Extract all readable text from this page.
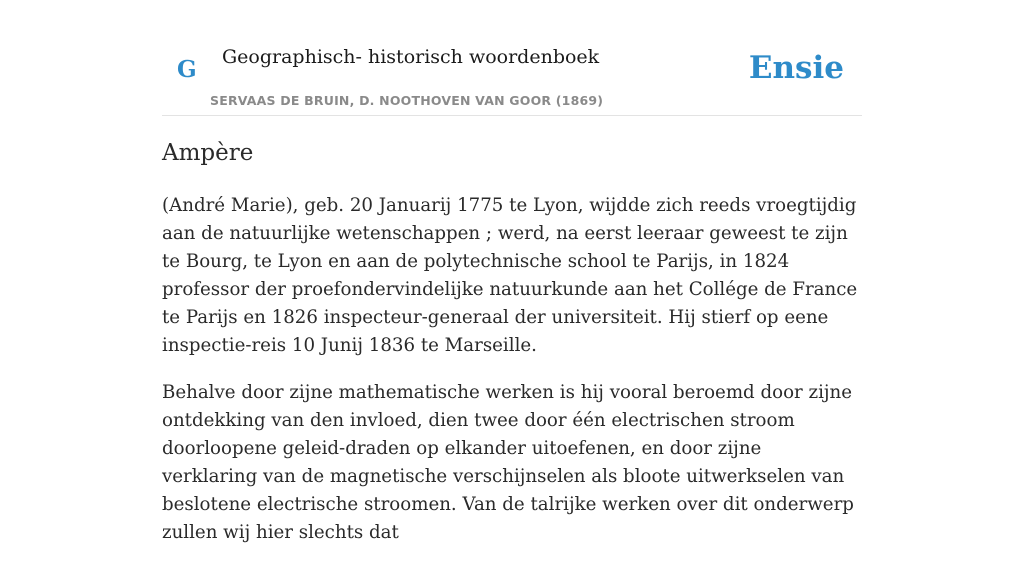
G Geographisch- historisch woordenboek
SERVAAS DE BRUIN, D. NOOTHOVEN VAN GOOR (1869)
Ensie
Ampère

(André Marie), geb. 20 Januarij 1775 te Lyon, wijdde zich reeds vroegtijdig aan de natuurlijke wetenschappen ; werd, na eerst leeraar geweest te zijn te Bourg, te Lyon en aan de polytechnische school te Parijs, in 1824 professor der proefondervindelijke natuurkunde aan het Collége de France te Parijs en 1826 inspecteur-generaal der universiteit. Hij stierf op eene inspectie-reis 10 Junij 1836 te Marseille.

Behalve door zijne mathematische werken is hij vooral beroemd door zijne ontdekking van den invloed, dien twee door één electrischen stroom doorloopene geleid-draden op elkander uitoefenen, en door zijne verklaring van de magnetische verschijnselen als bloote uitwerkselen van beslotene electrische stroomen. Van de talrijke werken over dit onderwerp zullen wij hier slechts dat
